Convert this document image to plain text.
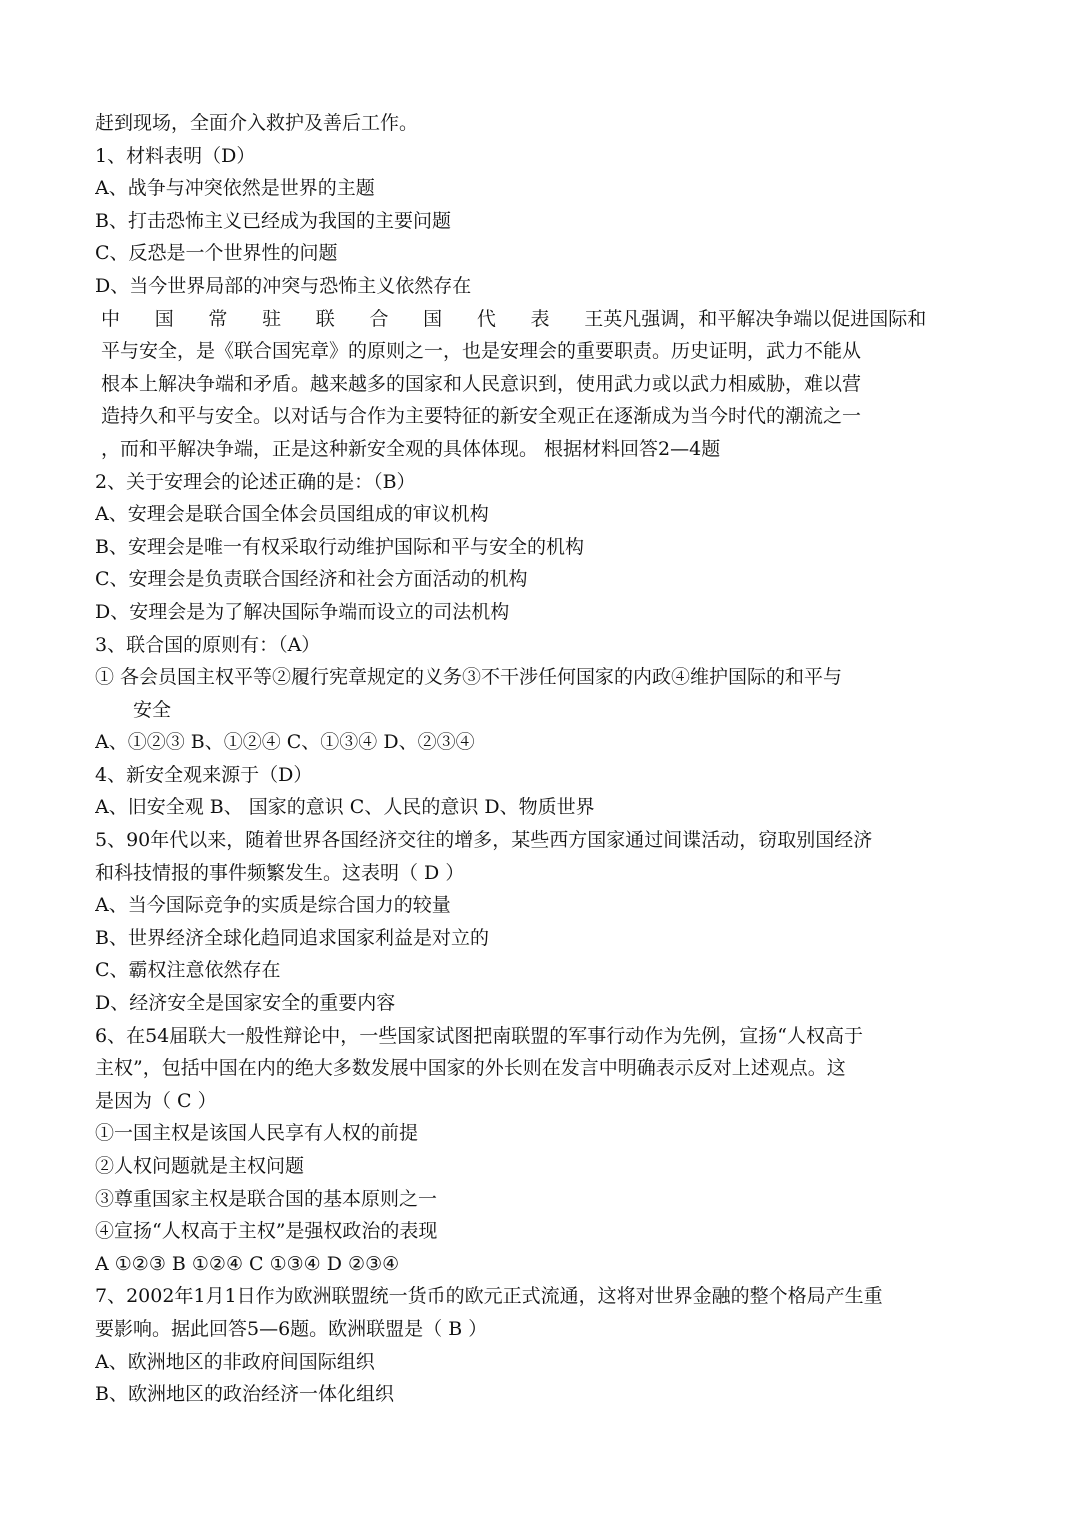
赶到现场，全面介入救护及善后工作。
1、材料表明（D）
A、战争与冲突依然是世界的主题
B、打击恐怖主义已经成为我国的主要问题
C、反恐是一个世界性的问题
D、当今世界局部的冲突与恐怖主义依然存在
中 国 常 驻 联 合 国 代 表 王英凡强调，和平解决争端以促进国际和
平与安全，是《联合国宪章》的原则之一，也是安理会的重要职责。历史证明，武力不能从
根本上解决争端和矛盾。越来越多的国家和人民意识到，使用武力或以武力相威胁，难以营
造持久和平与安全。以对话与合作为主要特征的新安全观正在逐渐成为当今时代的潮流之一
，而和平解决争端，正是这种新安全观的具体体现。 根据材料回答2—4题
2、关于安理会的论述正确的是：（B）
A、安理会是联合国全体会员国组成的审议机构
B、安理会是唯一有权采取行动维护国际和平与安全的机构
C、安理会是负责联合国经济和社会方面活动的机构
D、安理会是为了解决国际争端而设立的司法机构
3、联合国的原则有：（A）
① 各会员国主权平等②履行宪章规定的义务③不干涉任何国家的内政④维护国际的和平与
安全
A、①②③ B、①②④ C、①③④ D、②③④
4、新安全观来源于（D）
A、旧安全观 B、 国家的意识 C、人民的意识 D、物质世界
5、90年代以来，随着世界各国经济交往的增多，某些西方国家通过间谍活动，窃取别国经济
和科技情报的事件频繁发生。这表明（ D ）
A、当今国际竞争的实质是综合国力的较量
B、世界经济全球化趋同追求国家利益是对立的
C、霸权注意依然存在
D、经济安全是国家安全的重要内容
6、在54届联大一般性辩论中，一些国家试图把南联盟的军事行动作为先例，宣扬“人权高于
主权”，包括中国在内的绝大多数发展中国家的外长则在发言中明确表示反对上述观点。这
是因为（ C ）
①一国主权是该国人民享有人权的前提
②人权问题就是主权问题
③尊重国家主权是联合国的基本原则之一
④宣扬“人权高于主权”是强权政治的表现
A ①②③ B ①②④ C ①③④ D ②③④
7、2002年1月1日作为欧洲联盟统一货币的欧元正式流通，这将对世界金融的整个格局产生重
要影响。据此回答5—6题。欧洲联盟是（ B ）
A、欧洲地区的非政府间国际组织
B、欧洲地区的政治经济一体化组织
